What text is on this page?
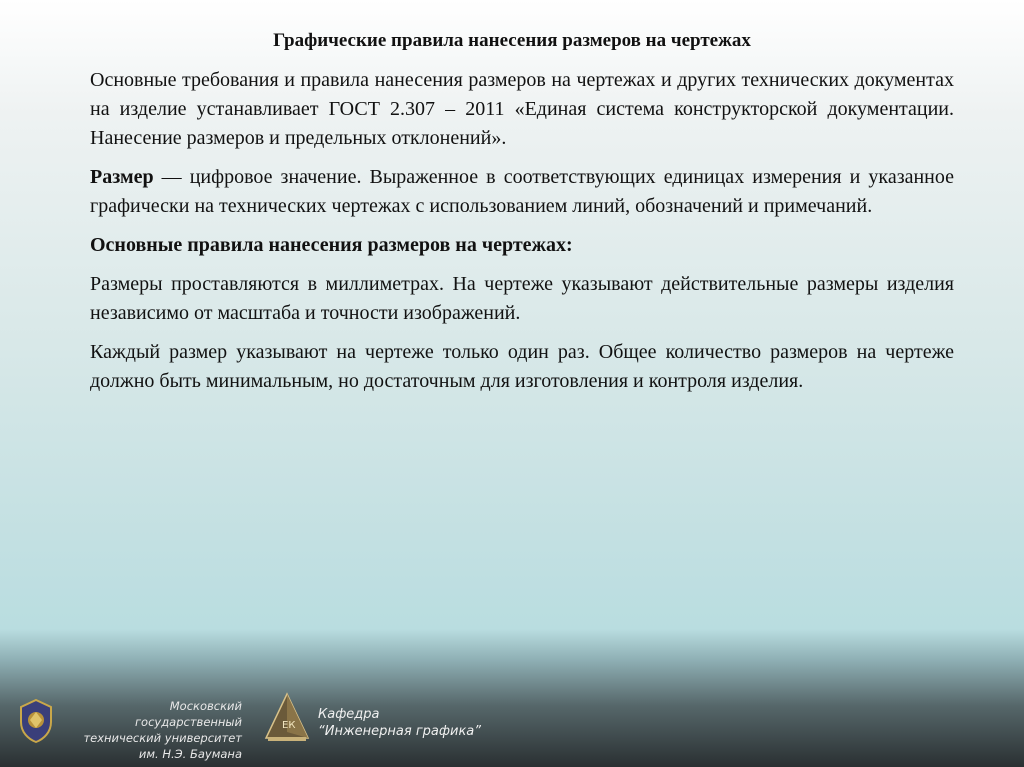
Графические правила нанесения размеров на чертежах

Основные требования и правила нанесения размеров на чертежах и других технических документах на изделие устанавливает ГОСТ 2.307 – 2011 «Единая система конструкторской документации. Нанесение размеров и предельных отклонений».

Размер — цифровое значение. Выраженное в соответствующих единицах измерения и указанное графически на технических чертежах с использованием линий, обозначений и примечаний.

Основные правила нанесения размеров на чертежах:

Размеры проставляются в миллиметрах. На чертеже указывают действительные размеры изделия независимо от масштаба и точности изображений.

Каждый размер указывают на чертеже только один раз. Общее количество размеров на чертеже должно быть минимальным, но достаточным для изготовления и контроля изделия.

Московский государственный
технический университет
им. Н.Э. Баумана
ЕК
Кафедра
“Инженерная графика”
